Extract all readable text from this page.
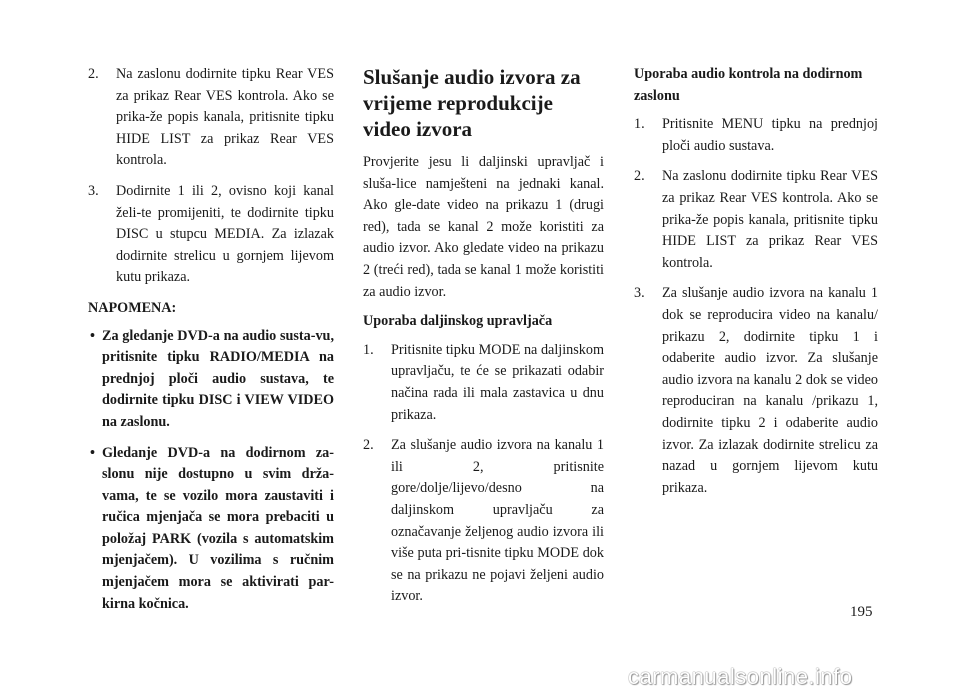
2. Na zaslonu dodirnite tipku Rear VES za prikaz Rear VES kontrola. Ako se prika-že popis kanala, pritisnite tipku HIDE LIST za prikaz Rear VES kontrola.
3. Dodirnite 1 ili 2, ovisno koji kanal želi-te promijeniti, te dodirnite tipku DISC u stupcu MEDIA. Za izlazak dodirnite strelicu u gornjem lijevom kutu prikaza.
NAPOMENA:
• Za gledanje DVD-a na audio susta-vu, pritisnite tipku RADIO/MEDIA na prednjoj ploči audio sustava, te dodirnite tipku DISC i VIEW VIDEO na zaslonu.
• Gledanje DVD-a na dodirnom za-slonu nije dostupno u svim drža-vama, te se vozilo mora zaustaviti i ručica mjenjača se mora prebaciti u položaj PARK (vozila s automatskim mjenjačem). U vozilima s ručnim mjenjačem mora se aktivirati par-kirna kočnica.
Slušanje audio izvora za vrijeme reprodukcije video izvora
Provjerite jesu li daljinski upravljač i sluša-lice namješteni na jednaki kanal. Ako gle-date video na prikazu 1 (drugi red), tada se kanal 2 može koristiti za audio izvor. Ako gledate video na prikazu 2 (treći red), tada se kanal 1 može koristiti za audio izvor.
Uporaba daljinskog upravljača
1. Pritisnite tipku MODE na daljinskom upravljaču, te će se prikazati odabir načina rada ili mala zastavica u dnu prikaza.
2. Za slušanje audio izvora na kanalu 1 ili 2, pritisnite gore/dolje/lijevo/desno na daljinskom upravljaču za označavanje željenog audio izvora ili više puta pri-tisnite tipku MODE dok se na prikazu ne pojavi željeni audio izvor.
Uporaba audio kontrola na dodirnom zaslonu
1. Pritisnite MENU tipku na prednjoj ploči audio sustava.
2. Na zaslonu dodirnite tipku Rear VES za prikaz Rear VES kontrola. Ako se prika-že popis kanala, pritisnite tipku HIDE LIST za prikaz Rear VES kontrola.
3. Za slušanje audio izvora na kanalu 1 dok se reproducira video na kanalu/ prikazu 2, dodirnite tipku 1 i odaberite audio izvor. Za slušanje audio izvora na kanalu 2 dok se video reproduciran na kanalu /prikazu 1, dodirnite tipku 2 i odaberite audio izvor. Za izlazak dodirnite strelicu za nazad u gornjem lijevom kutu prikaza.
195
carmanualsonline.info
